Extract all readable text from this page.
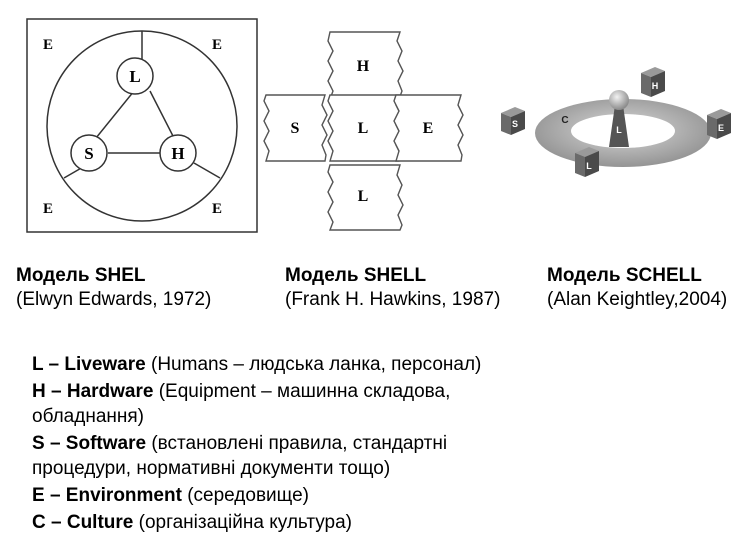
L
S	H
E	E
E	E
H
S	L	E
L
S	C
H
L	E
L
Модель SHEL
(Elwyn Edwards, 1972)
Модель SHELL
(Frank H. Hawkins, 1987)
Модель SCHELL
(Alan Keightley,2004)
L – Liveware (Humans – людська ланка, персонал)
H – Hardware (Equipment – машинна складова, обладнання)
S – Software (встановлені правила, стандартні процедури, нормативні документи тощо)
E – Environment (середовище)
C – Culture (організаційна культура)
